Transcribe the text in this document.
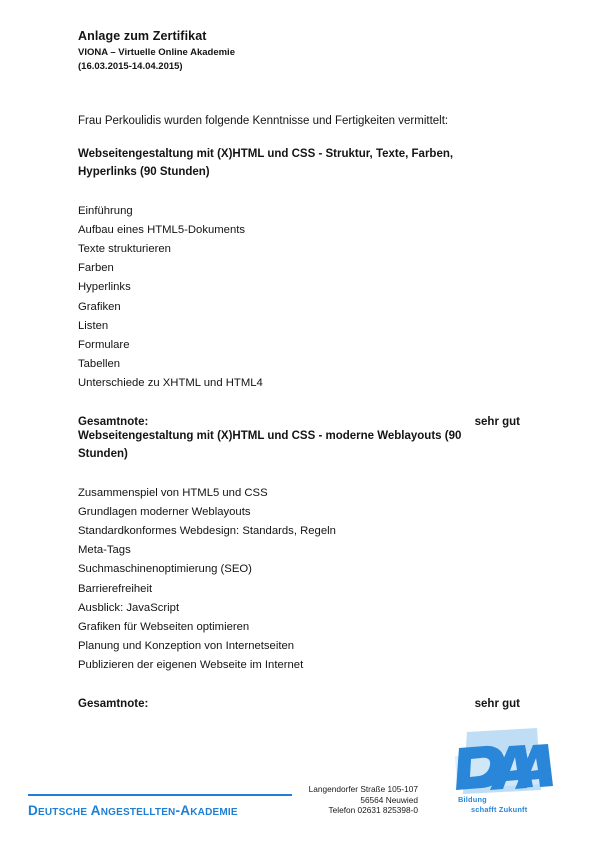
Anlage zum Zertifikat
VIONA – Virtuelle Online Akademie
(16.03.2015-14.04.2015)
Frau Perkoulidis wurden folgende Kenntnisse und Fertigkeiten vermittelt:
Webseitengestaltung mit (X)HTML und CSS - Struktur, Texte, Farben, Hyperlinks (90 Stunden)
Einführung
Aufbau eines HTML5-Dokuments
Texte strukturieren
Farben
Hyperlinks
Grafiken
Listen
Formulare
Tabellen
Unterschiede zu XHTML und HTML4
Gesamtnote:	sehr gut
Webseitengestaltung mit (X)HTML und CSS - moderne Weblayouts (90 Stunden)
Zusammenspiel von HTML5 und CSS
Grundlagen moderner Weblayouts
Standardkonformes Webdesign: Standards, Regeln
Meta-Tags
Suchmaschinenoptimierung (SEO)
Barrierefreiheit
Ausblick: JavaScript
Grafiken für Webseiten optimieren
Planung und Konzeption von Internetseiten
Publizieren der eigenen Webseite im Internet
Gesamtnote:	sehr gut
Bildung
schafft Zukunft
Langendorfer Straße 105-107
56564 Neuwied
Telefon 02631 825398-0
Deutsche Angestellten-Akademie
